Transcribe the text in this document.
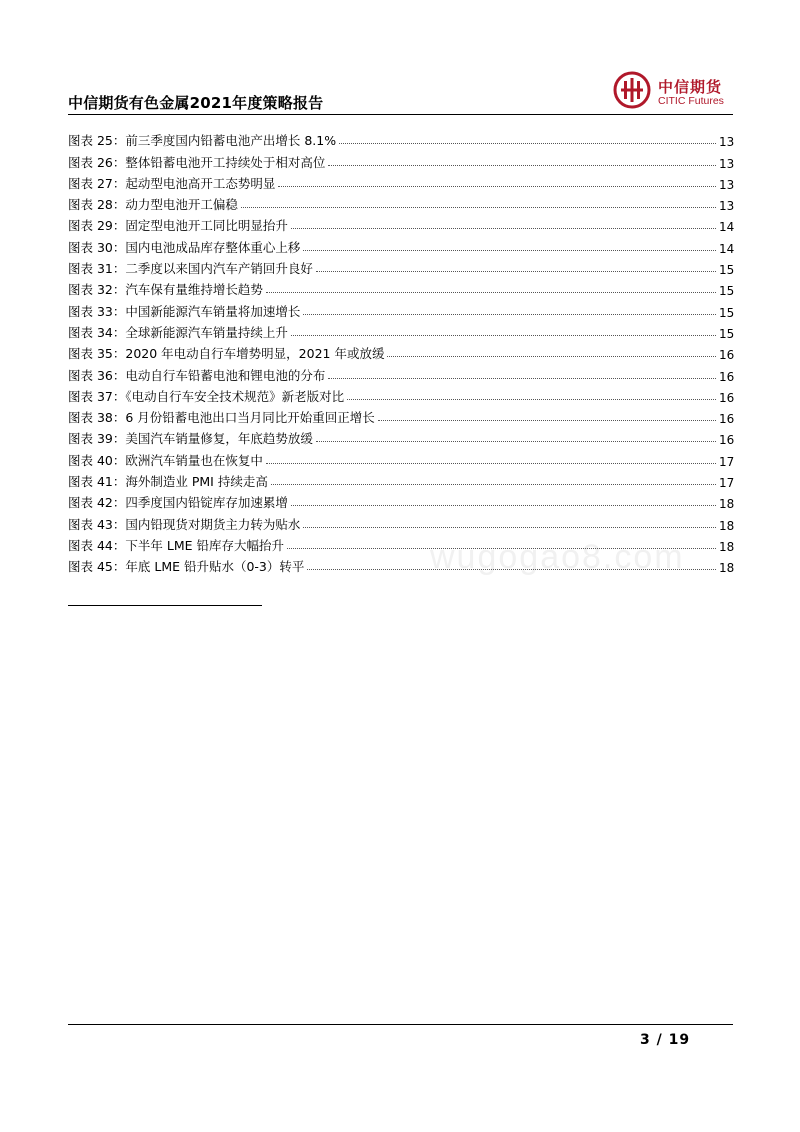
中信期货有色金属2021年度策略报告
中信期货
CITIC Futures
图表 25：前三季度国内铅蓄电池产出增长 8.1%	13
图表 26：整体铅蓄电池开工持续处于相对高位	13
图表 27：起动型电池高开工态势明显	13
图表 28：动力型电池开工偏稳	13
图表 29：固定型电池开工同比明显抬升	14
图表 30：国内电池成品库存整体重心上移	14
图表 31：二季度以来国内汽车产销回升良好	15
图表 32：汽车保有量维持增长趋势	15
图表 33：中国新能源汽车销量将加速增长	15
图表 34：全球新能源汽车销量持续上升	15
图表 35：2020 年电动自行车增势明显，2021 年或放缓	16
图表 36：电动自行车铅蓄电池和锂电池的分布	16
图表 37：《电动自行车安全技术规范》新老版对比	16
图表 38：6 月份铅蓄电池出口当月同比开始重回正增长	16
图表 39：美国汽车销量修复，年底趋势放缓	16
图表 40：欧洲汽车销量也在恢复中	17
图表 41：海外制造业 PMI 持续走高	17
图表 42：四季度国内铅锭库存加速累增	18
图表 43：国内铅现货对期货主力转为贴水	18
图表 44：下半年 LME 铅库存大幅抬升	18
图表 45：年底 LME 铅升贴水（0-3）转平	18
wugogao8.com
3 / 19
